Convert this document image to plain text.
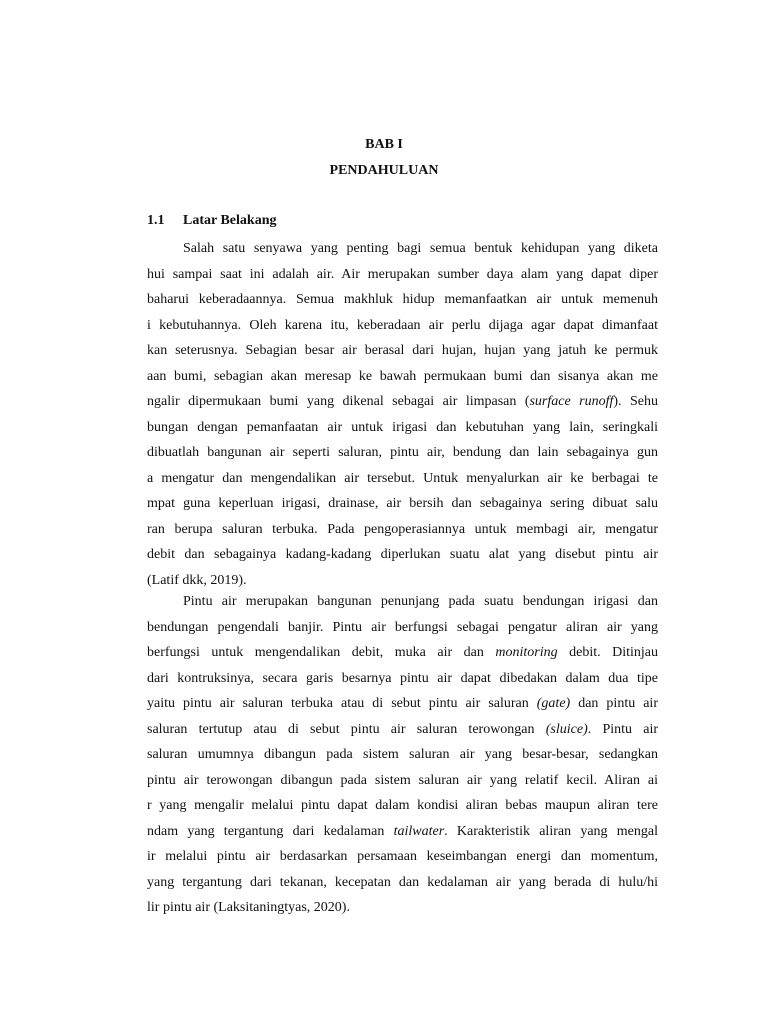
BAB I
PENDAHULUAN
1.1 Latar Belakang
Salah satu senyawa yang penting bagi semua bentuk kehidupan yang diketa
hui sampai saat ini adalah air. Air merupakan sumber daya alam yang dapat diper
baharui keberadaannya. Semua makhluk hidup memanfaatkan air untuk memenuh
i kebutuhannya. Oleh karena itu, keberadaan air perlu dijaga agar dapat dimanfaat
kan seterusnya. Sebagian besar air berasal dari hujan, hujan yang jatuh ke permuk
aan bumi, sebagian akan meresap ke bawah permukaan bumi dan sisanya akan me
ngalir dipermukaan bumi yang dikenal sebagai air limpasan (surface runoff). Sehu
bungan dengan pemanfaatan air untuk irigasi dan kebutuhan yang lain, seringkali
dibuatlah bangunan air seperti saluran, pintu air, bendung dan lain sebagainya gun
a mengatur dan mengendalikan air tersebut. Untuk menyalurkan air ke berbagai te
mpat guna keperluan irigasi, drainase, air bersih dan sebagainya sering dibuat salu
ran berupa saluran terbuka. Pada pengoperasiannya untuk membagi air, mengatur
debit dan sebagainya kadang-kadang diperlukan suatu alat yang disebut pintu air
(Latif dkk, 2019).
Pintu air merupakan bangunan penunjang pada suatu bendungan irigasi dan
bendungan pengendali banjir. Pintu air berfungsi sebagai pengatur aliran air yang
berfungsi untuk mengendalikan debit, muka air dan monitoring debit. Ditinjau
dari kontruksinya, secara garis besarnya pintu air dapat dibedakan dalam dua tipe
yaitu pintu air saluran terbuka atau di sebut pintu air saluran (gate) dan pintu air
saluran tertutup atau di sebut pintu air saluran terowongan (sluice). Pintu air
saluran umumnya dibangun pada sistem saluran air yang besar-besar, sedangkan
pintu air terowongan dibangun pada sistem saluran air yang relatif kecil. Aliran ai
r yang mengalir melalui pintu dapat dalam kondisi aliran bebas maupun aliran tere
ndam yang tergantung dari kedalaman tailwater. Karakteristik aliran yang mengal
ir melalui pintu air berdasarkan persamaan keseimbangan energi dan momentum,
yang tergantung dari tekanan, kecepatan dan kedalaman air yang berada di hulu/hi
lir pintu air (Laksitaningtyas, 2020).
